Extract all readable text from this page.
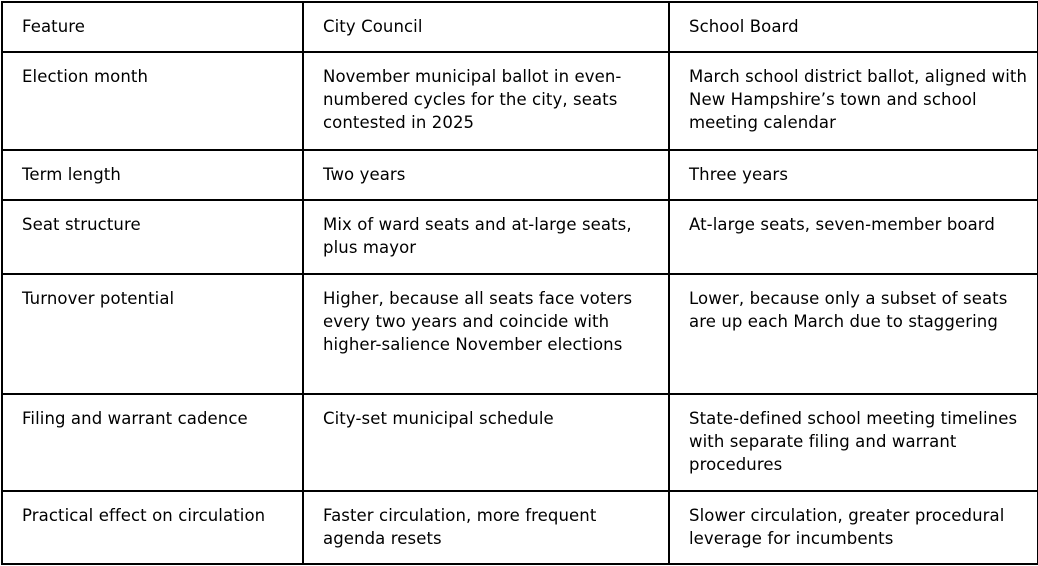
Feature	City Council	School Board
Election month	November municipal ballot in even-numbered cycles for the city, seats contested in 2025	March school district ballot, aligned with New Hampshire’s town and school meeting calendar
Term length	Two years	Three years
Seat structure	Mix of ward seats and at-large seats, plus mayor	At-large seats, seven-member board
Turnover potential	Higher, because all seats face voters every two years and coincide with higher-salience November elections	Lower, because only a subset of seats are up each March due to staggering
Filing and warrant cadence	City-set municipal schedule	State-defined school meeting timelines with separate filing and warrant procedures
Practical effect on circulation	Faster circulation, more frequent agenda resets	Slower circulation, greater procedural leverage for incumbents
